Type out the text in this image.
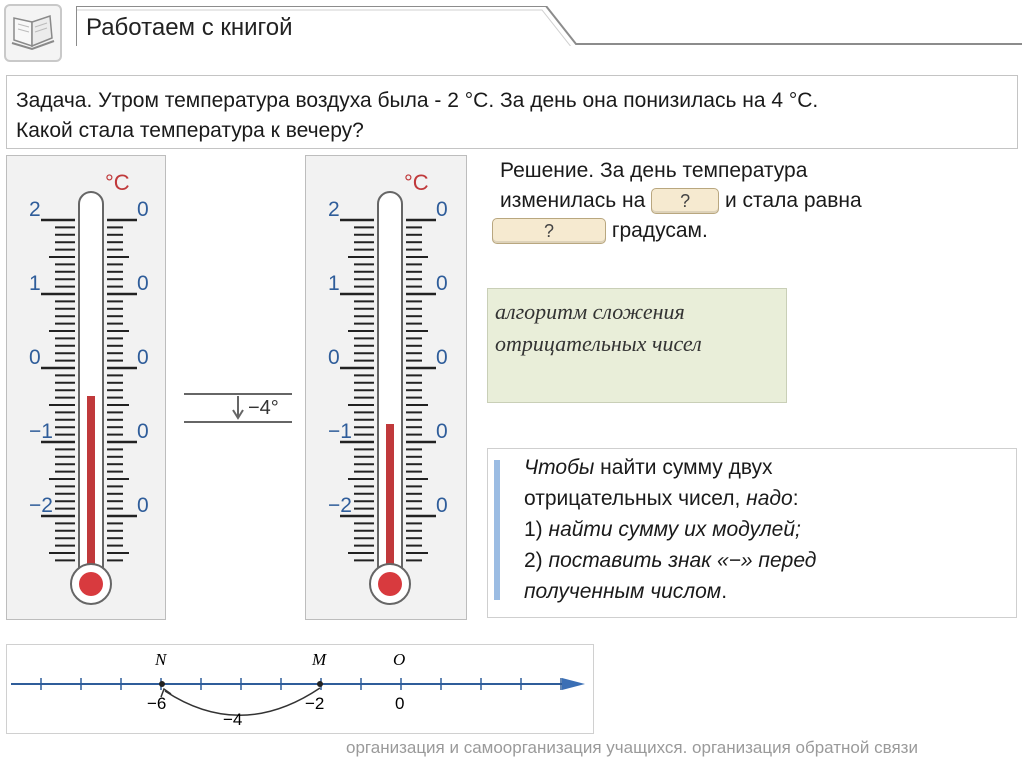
Работаем с книгой
Задача. Утром температура воздуха была - 2 °С. За день она понизилась на 4 °С.
Какой стала температура к вечеру?
2	0
1	0
0	0
−1	0
−2	0
°C
−4°
2	0
1	0
0	0
−1	0
−2	0
°C	Решение. За день температура
изменилась на ? и стала равна
?	градусам.
алгоритм сложения отрицательных чисел
Чтобы найти сумму двух
отрицательных чисел, надо:
1) найти сумму их модулей;
2) поставить знак «−» перед
полученным числом.
N	M	O
−6	−2	0
−4
организация и самоорганизация учащихся. организация обратной связи
